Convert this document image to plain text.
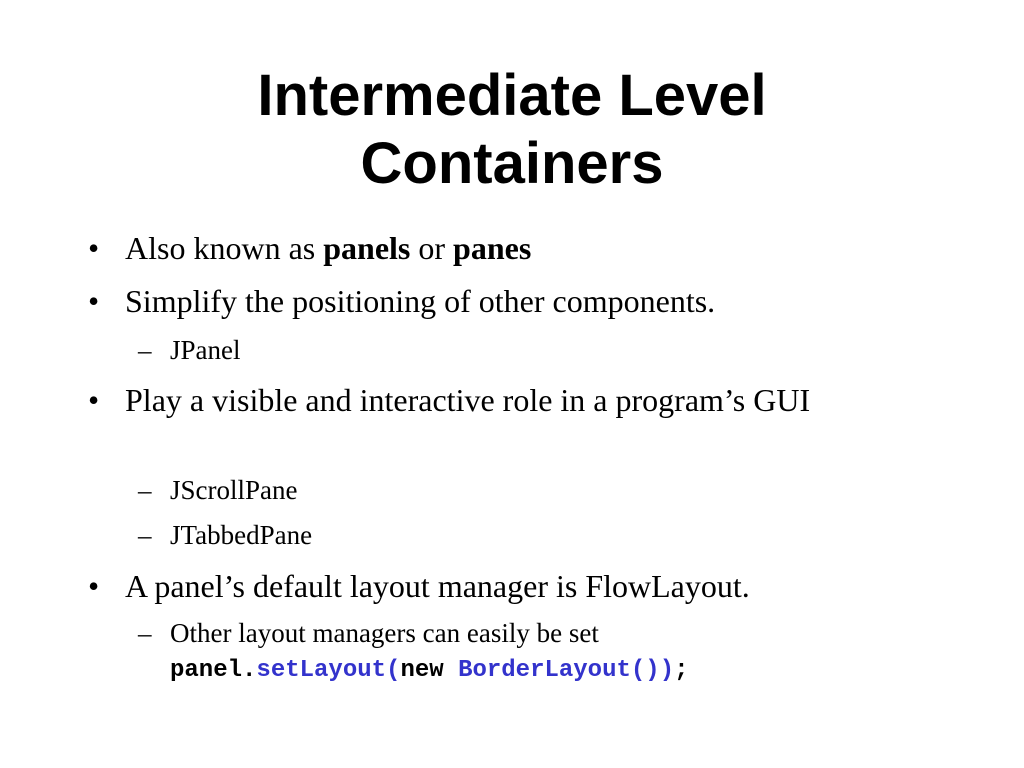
Intermediate Level
Containers
• Also known as panels or panes
• Simplify the positioning of other components.
– JPanel
• Play a visible and interactive role in a program’s GUI
– JScrollPane
– JTabbedPane
• A panel’s default layout manager is FlowLayout.
– Other layout managers can easily be set
panel.setLayout(new BorderLayout());
